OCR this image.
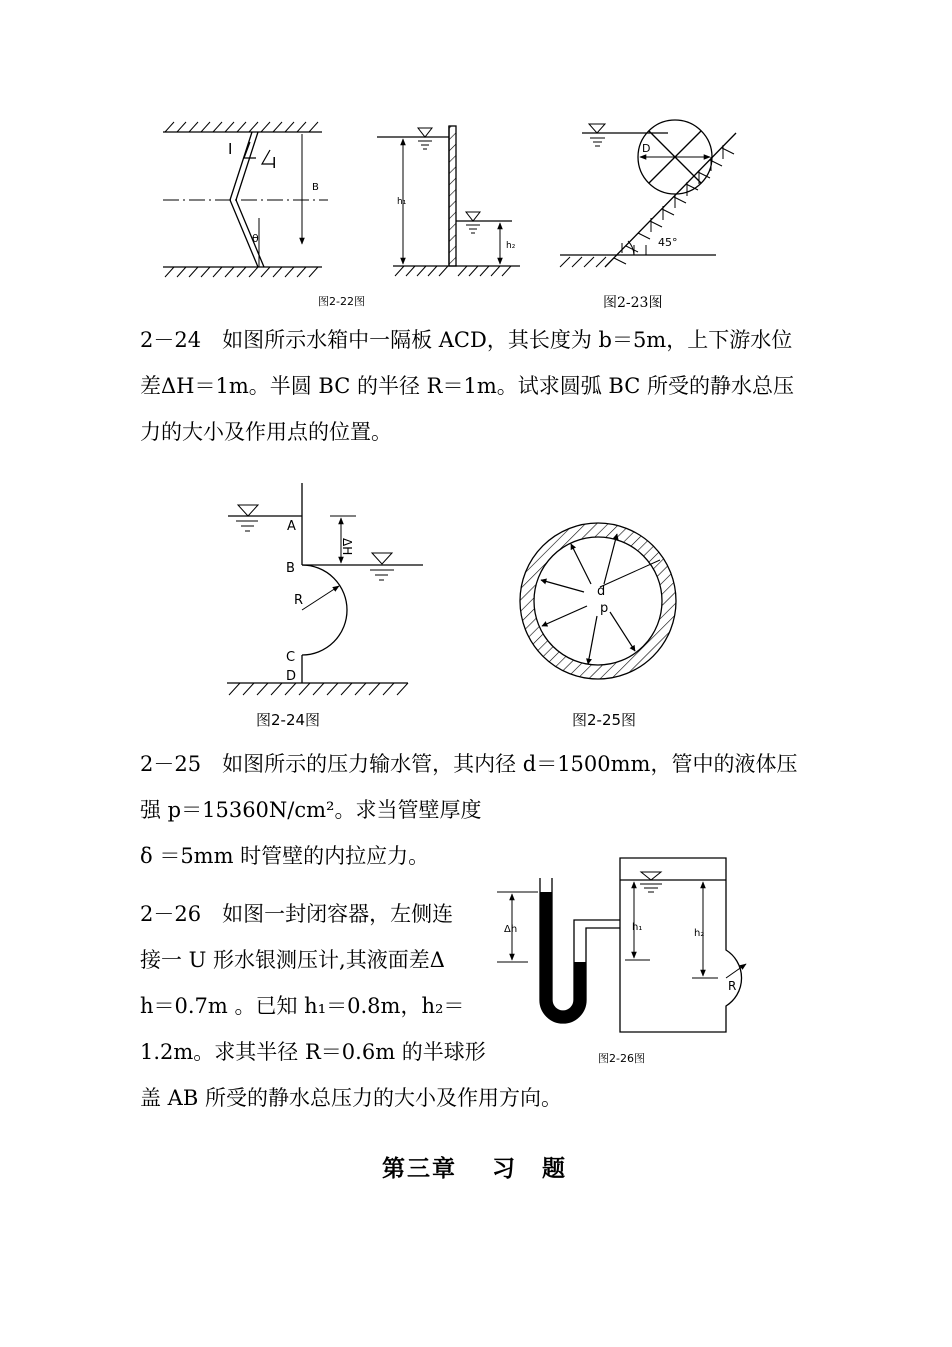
I
I
B
θ
h₁
h₂
图2-22图
D
45°
图2-23图
A
B
C
D
R
ΔH
图2-24图
d
p
图2-25图
Δh	h₁
h₂
R
图2-26图
2－24　如图所示水箱中一隔板 ACD，其长度为 b＝5m，上下游水位
差ΔH＝1m。半圆 BC 的半径 R＝1m。试求圆弧 BC 所受的静水总压
力的大小及作用点的位置。
2－25　如图所示的压力输水管，其内径 d＝1500mm，管中的液体压
强 p＝15360N/cm²。求当管壁厚度
δ ＝5mm 时管壁的内拉应力。
2－26　如图一封闭容器，左侧连
接一 U 形水银测压计,其液面差Δ
h＝0.7m 。已知 h₁＝0.8m，h₂＝
1.2m。求其半径 R＝0.6m 的半球形
盖 AB 所受的静水总压力的大小及作用方向。
第三章　 习　题
